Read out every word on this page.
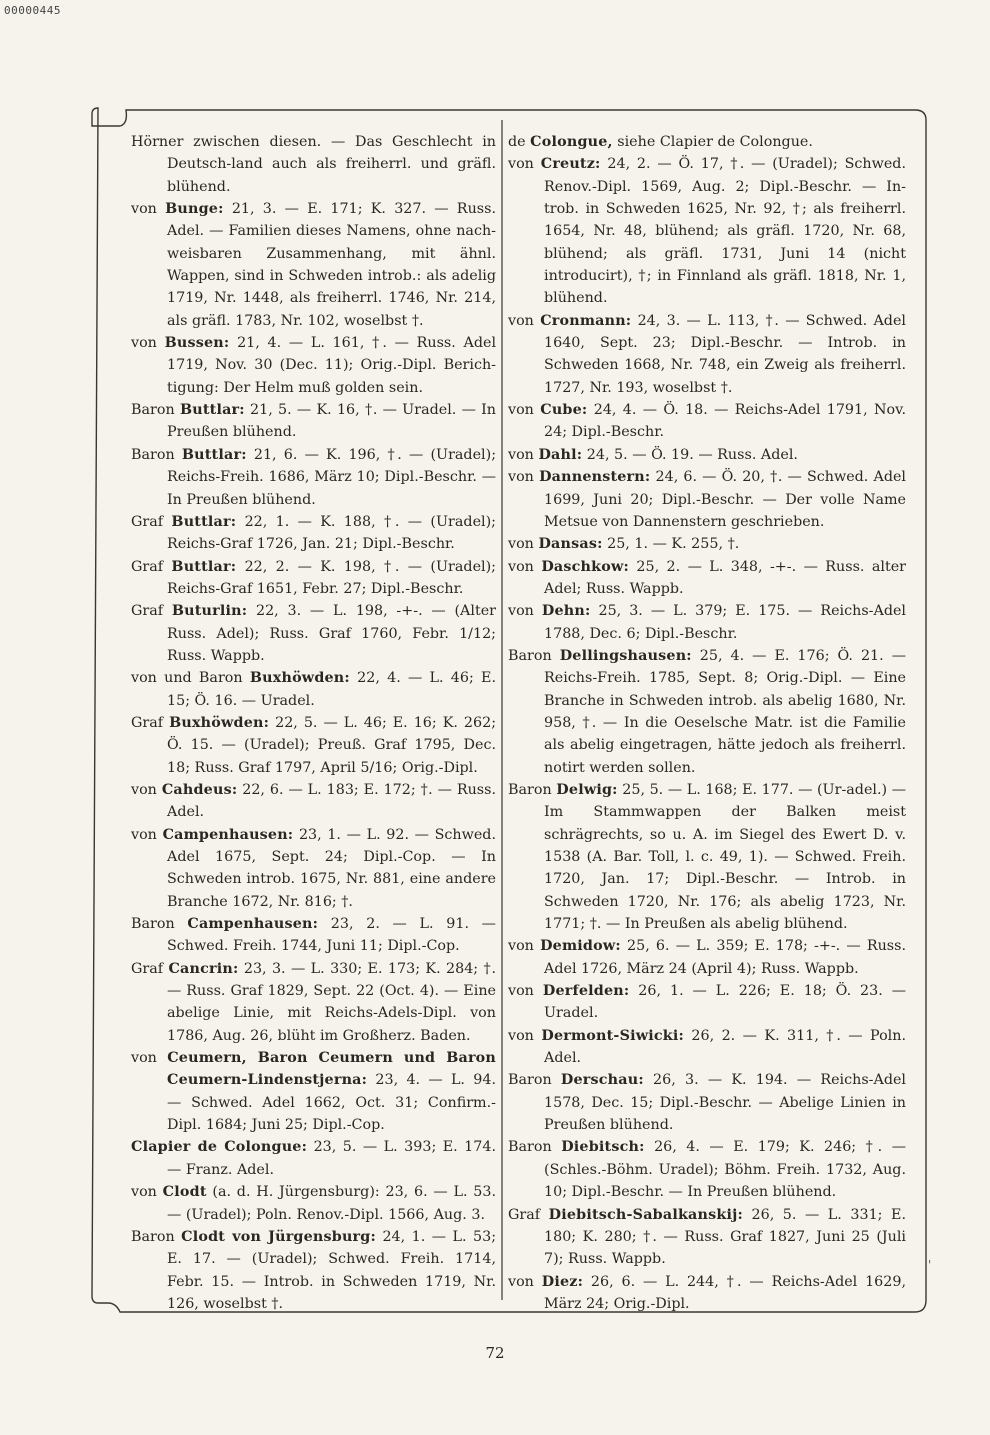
00000445
Hörner zwischen diesen. — Das Geschlecht in Deutsch-land auch als freiherrl. und gräfl. blühend.
von Bunge: 21, 3. — E. 171; K. 327. — Russ. Adel. — Familien dieses Namens, ohne nach-weisbaren Zusammenhang, mit ähnl. Wappen, sind in Schweden introb.: als adelig 1719, Nr. 1448, als freiherrl. 1746, Nr. 214, als gräfl. 1783, Nr. 102, woselbst †.
von Bussen: 21, 4. — L. 161, †. — Russ. Adel 1719, Nov. 30 (Dec. 11); Orig.-Dipl. Berich-tigung: Der Helm muß golden sein.
Baron Buttlar: 21, 5. — K. 16, †. — Uradel. — In Preußen blühend.
Baron Buttlar: 21, 6. — K. 196, †. — (Uradel); Reichs-Freih. 1686, März 10; Dipl.-Beschr. — In Preußen blühend.
Graf Buttlar: 22, 1. — K. 188, †. — (Uradel); Reichs-Graf 1726, Jan. 21; Dipl.-Beschr.
Graf Buttlar: 22, 2. — K. 198, †. — (Uradel); Reichs-Graf 1651, Febr. 27; Dipl.-Beschr.
Graf Buturlin: 22, 3. — L. 198, -+-. — (Alter Russ. Adel); Russ. Graf 1760, Febr. 1/12; Russ. Wappb.
von und Baron Buxhöwden: 22, 4. — L. 46; E. 15; Ö. 16. — Uradel.
Graf Buxhöwden: 22, 5. — L. 46; E. 16; K. 262; Ö. 15. — (Uradel); Preuß. Graf 1795, Dec. 18; Russ. Graf 1797, April 5/16; Orig.-Dipl.
von Cahdeus: 22, 6. — L. 183; E. 172; †. — Russ. Adel.
von Campenhausen: 23, 1. — L. 92. — Schwed. Adel 1675, Sept. 24; Dipl.-Cop. — In Schweden introb. 1675, Nr. 881, eine andere Branche 1672, Nr. 816; †.
Baron Campenhausen: 23, 2. — L. 91. — Schwed. Freih. 1744, Juni 11; Dipl.-Cop.
Graf Cancrin: 23, 3. — L. 330; E. 173; K. 284; †. — Russ. Graf 1829, Sept. 22 (Oct. 4). — Eine abelige Linie, mit Reichs-Adels-Dipl. von 1786, Aug. 26, blüht im Großherz. Baden.
von Ceumern, Baron Ceumern und Baron Ceumern-Lindenstjerna: 23, 4. — L. 94. — Schwed. Adel 1662, Oct. 31; Confirm.-Dipl. 1684; Juni 25; Dipl.-Cop.
Clapier de Colongue: 23, 5. — L. 393; E. 174. — Franz. Adel.
von Clodt (a. d. H. Jürgensburg): 23, 6. — L. 53. — (Uradel); Poln. Renov.-Dipl. 1566, Aug. 3.
Baron Clodt von Jürgensburg: 24, 1. — L. 53; E. 17. — (Uradel); Schwed. Freih. 1714, Febr. 15. — Introb. in Schweden 1719, Nr. 126, woselbst †.
de Colongue, siehe Clapier de Colongue.
von Creutz: 24, 2. — Ö. 17, †. — (Uradel); Schwed. Renov.-Dipl. 1569, Aug. 2; Dipl.-Beschr. — In-trob. in Schweden 1625, Nr. 92, †; als freiherrl. 1654, Nr. 48, blühend; als gräfl. 1720, Nr. 68, blühend; als gräfl. 1731, Juni 14 (nicht introducirt), †; in Finnland als gräfl. 1818, Nr. 1, blühend.
von Cronmann: 24, 3. — L. 113, †. — Schwed. Adel 1640, Sept. 23; Dipl.-Beschr. — Introb. in Schweden 1668, Nr. 748, ein Zweig als freiherrl. 1727, Nr. 193, woselbst †.
von Cube: 24, 4. — Ö. 18. — Reichs-Adel 1791, Nov. 24; Dipl.-Beschr.
von Dahl: 24, 5. — Ö. 19. — Russ. Adel.
von Dannenstern: 24, 6. — Ö. 20, †. — Schwed. Adel 1699, Juni 20; Dipl.-Beschr. — Der volle Name Metsue von Dannenstern geschrieben.
von Dansas: 25, 1. — K. 255, †.
von Daschkow: 25, 2. — L. 348, -+-. — Russ. alter Adel; Russ. Wappb.
von Dehn: 25, 3. — L. 379; E. 175. — Reichs-Adel 1788, Dec. 6; Dipl.-Beschr.
Baron Dellingshausen: 25, 4. — E. 176; Ö. 21. — Reichs-Freih. 1785, Sept. 8; Orig.-Dipl. — Eine Branche in Schweden introb. als abelig 1680, Nr. 958, †. — In die Oeselsche Matr. ist die Familie als abelig eingetragen, hätte jedoch als freiherrl. notirt werden sollen.
Baron Delwig: 25, 5. — L. 168; E. 177. — (Ur-adel.) — Im Stammwappen der Balken meist schrägrechts, so u. A. im Siegel des Ewert D. v. 1538 (A. Bar. Toll, l. c. 49, 1). — Schwed. Freih. 1720, Jan. 17; Dipl.-Beschr. — Introb. in Schweden 1720, Nr. 176; als abelig 1723, Nr. 1771; †. — In Preußen als abelig blühend.
von Demidow: 25, 6. — L. 359; E. 178; -+-. — Russ. Adel 1726, März 24 (April 4); Russ. Wappb.
von Derfelden: 26, 1. — L. 226; E. 18; Ö. 23. — Uradel.
von Dermont-Siwicki: 26, 2. — K. 311, †. — Poln. Adel.
Baron Derschau: 26, 3. — K. 194. — Reichs-Adel 1578, Dec. 15; Dipl.-Beschr. — Abelige Linien in Preußen blühend.
Baron Diebitsch: 26, 4. — E. 179; K. 246; †. — (Schles.-Böhm. Uradel); Böhm. Freih. 1732, Aug. 10; Dipl.-Beschr. — In Preußen blühend.
Graf Diebitsch-Sabalkanskij: 26, 5. — L. 331; E. 180; K. 280; †. — Russ. Graf 1827, Juni 25 (Juli 7); Russ. Wappb.
von Diez: 26, 6. — L. 244, †. — Reichs-Adel 1629, März 24; Orig.-Dipl.
'
72
